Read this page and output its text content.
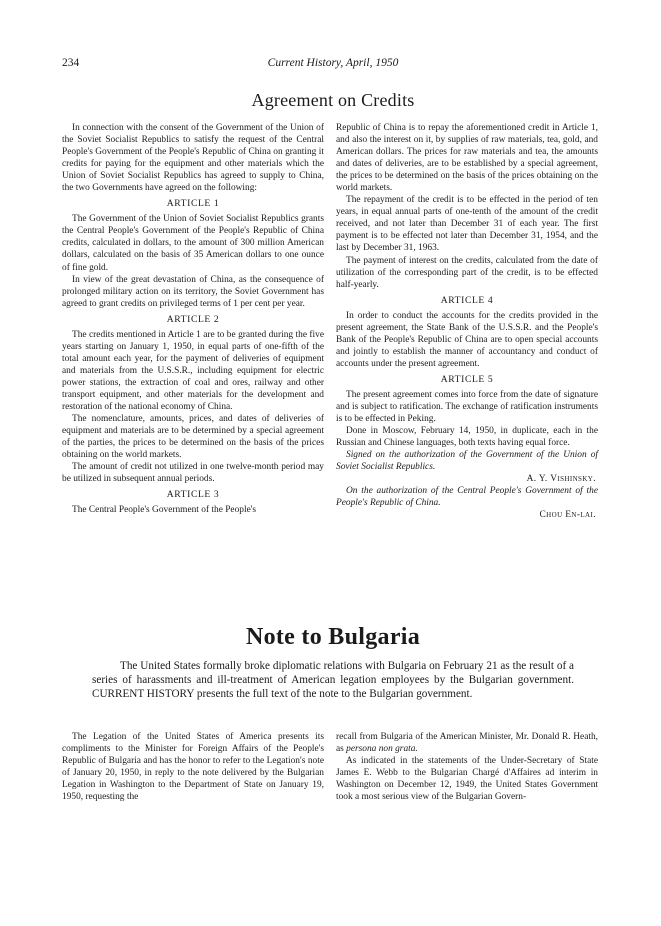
234	Current History, April, 1950
Agreement on Credits

In connection with the consent of the Government of the Union of the Soviet Socialist Republics to satisfy the request of the Central People's Government of the People's Republic of China on granting it credits for paying for the equipment and other materials which the Union of Soviet Socialist Republics has agreed to supply to China, the two Governments have agreed on the following:

ARTICLE 1

The Government of the Union of Soviet Socialist Republics grants the Central People's Government of the People's Republic of China credits, calculated in dollars, to the amount of 300 million American dollars, calculated on the basis of 35 American dollars to one ounce of fine gold.

In view of the great devastation of China, as the consequence of prolonged military action on its territory, the Soviet Government has agreed to grant credits on privileged terms of 1 per cent per year.

ARTICLE 2

The credits mentioned in Article 1 are to be granted during the five years starting on January 1, 1950, in equal parts of one-fifth of the total amount each year, for the payment of deliveries of equipment and materials from the U.S.S.R., including equipment for electric power stations, the extraction of coal and ores, railway and other transport equipment, and other materials for the development and restoration of the national economy of China.

The nomenclature, amounts, prices, and dates of deliveries of equipment and materials are to be determined by a special agreement of the parties, the prices to be determined on the basis of the prices obtaining on the world markets.

The amount of credit not utilized in one twelve-month period may be utilized in subsequent annual periods.

ARTICLE 3

The Central People's Government of the People's

Republic of China is to repay the aforementioned credit in Article 1, and also the interest on it, by supplies of raw materials, tea, gold, and American dollars. The prices for raw materials and tea, the amounts and dates of deliveries, are to be established by a special agreement, the prices to be determined on the basis of the prices obtaining on the world markets.

The repayment of the credit is to be effected in the period of ten years, in equal annual parts of one-tenth of the amount of the credit received, and not later than December 31 of each year. The first payment is to be effected not later than December 31, 1954, and the last by December 31, 1963.

The payment of interest on the credits, calculated from the date of utilization of the corresponding part of the credit, is to be effected half-yearly.

ARTICLE 4

In order to conduct the accounts for the credits provided in the present agreement, the State Bank of the U.S.S.R. and the People's Bank of the People's Republic of China are to open special accounts and jointly to establish the manner of accountancy and conduct of accounts under the present agreement.

ARTICLE 5

The present agreement comes into force from the date of signature and is subject to ratification. The exchange of ratification instruments is to be effected in Peking.

Done in Moscow, February 14, 1950, in duplicate, each in the Russian and Chinese languages, both texts having equal force.

Signed on the authorization of the Government of the Union of Soviet Socialist Republics.

A. Y. Vishinsky.

On the authorization of the Central People's Government of the People's Republic of China.

Chou En-lai.
Note to Bulgaria

The United States formally broke diplomatic relations with Bulgaria on February 21 as the result of a series of harassments and ill-treatment of American legation employees by the Bulgarian government. CURRENT HISTORY presents the full text of the note to the Bulgarian government.

The Legation of the United States of America presents its compliments to the Minister for Foreign Affairs of the People's Republic of Bulgaria and has the honor to refer to the Legation's note of January 20, 1950, in reply to the note delivered by the Bulgarian Legation in Washington to the Department of State on January 19, 1950, requesting the

recall from Bulgaria of the American Minister, Mr. Donald R. Heath, as persona non grata.

As indicated in the statements of the Under-Secretary of State James E. Webb to the Bulgarian Chargé d'Affaires ad interim in Washington on December 12, 1949, the United States Government took a most serious view of the Bulgarian Govern-
